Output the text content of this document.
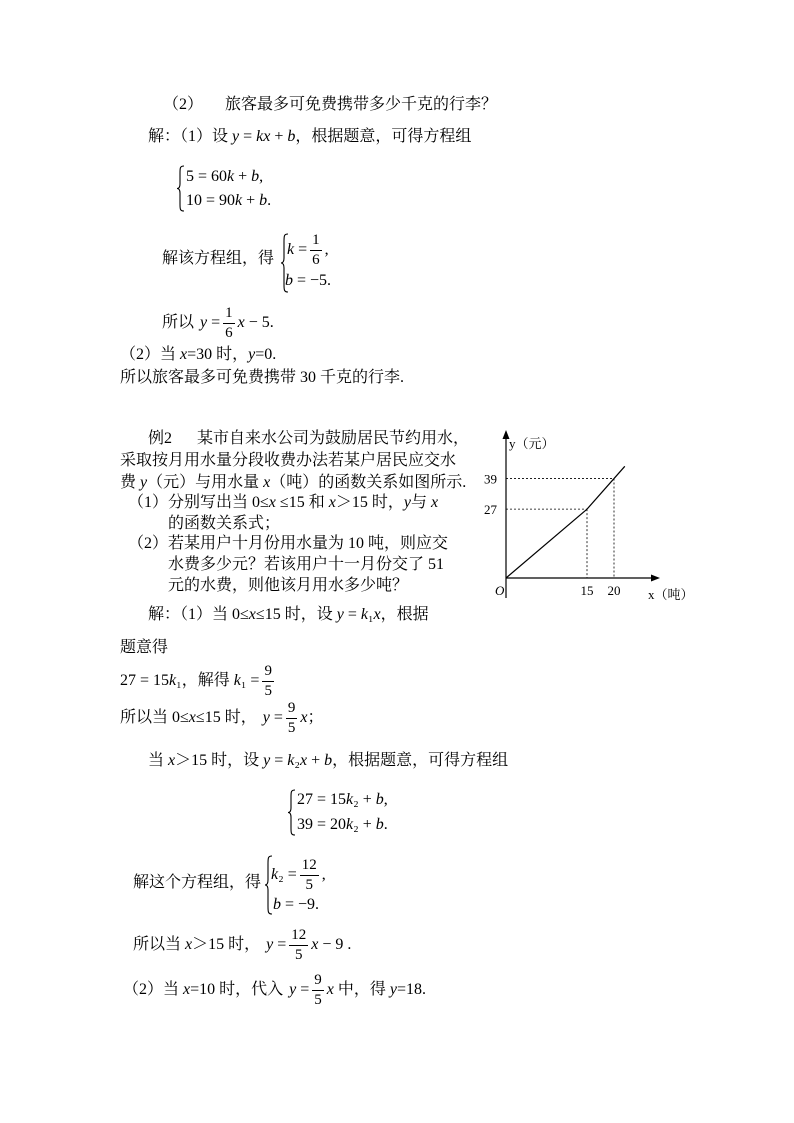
（2） 旅客最多可免费携带多少千克的行李？
解：（1）设 y = kx + b，根据题意，可得方程组
5 = 60k + b,
10 = 90k + b.
解该方程组，得
$k = \frac{1}{6}$ ,
b = −5.
所以 $y = \frac{1}{6}$ x − 5.
（2）当 x=30 时，y=0.
所以旅客最多可免费携带 30 千克的行李.
例2 某市自来水公司为鼓励居民节约用水，
采取按月用水量分段收费办法若某户居民应交水
费 y（元）与用水量 x（吨）的函数关系如图所示.
（1） 分别写出当 0≤x ≤15 和 x＞15 时，y与 x
的函数关系式；
（2） 若某用户十月份用水量为 10 吨，则应交
水费多少元？若该用户十一月份交了 51
元的水费，则他该月用水多少吨？
y（元）
x（吨）
O	15 20
27
39
解：（1）当 0≤x≤15 时，设 y = k₁x，根据
题意得
27 = 15k₁，解得 $k_1 = \frac{9}{5}$
所以当 0≤x≤15 时， $y = \frac{9}{5}$ x；
当 x＞15 时，设 y = k₂x + b，根据题意，可得方程组
27 = 15k₂ + b,
39 = 20k₂ + b.
解这个方程组，得 $k_2 = \frac{12}{5}$ ,
b = −9.
所以当 x＞15 时， $y = \frac{12}{5}$ x − 9 .
（2）当 x=10 时，代入 $y = \frac{9}{5}$ x 中，得 y=18.
